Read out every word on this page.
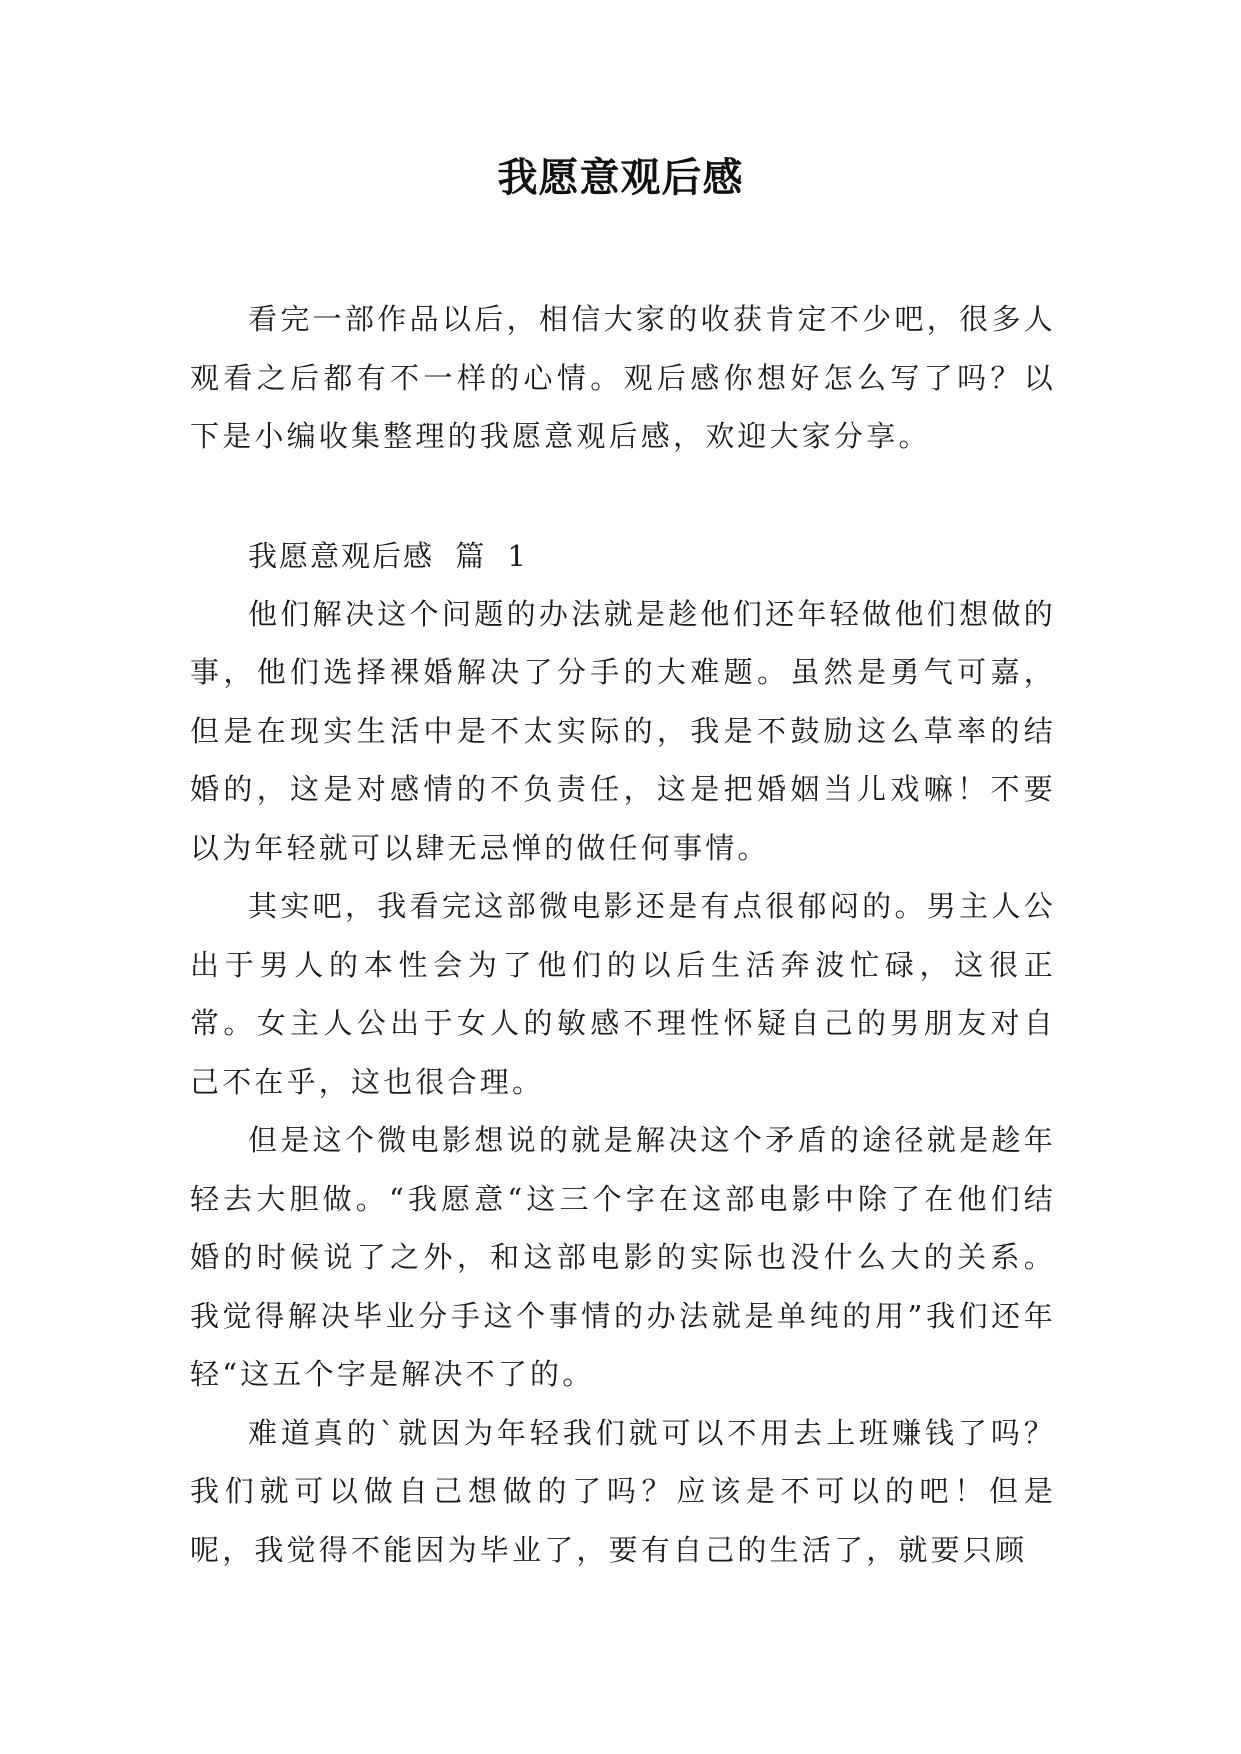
我愿意观后感

看完一部作品以后，相信大家的收获肯定不少吧，很多人观看之后都有不一样的心情。观后感你想好怎么写了吗？以下是小编收集整理的我愿意观后感，欢迎大家分享。

我愿意观后感 篇 1

他们解决这个问题的办法就是趁他们还年轻做他们想做的事，他们选择裸婚解决了分手的大难题。虽然是勇气可嘉，但是在现实生活中是不太实际的，我是不鼓励这么草率的结婚的，这是对感情的不负责任，这是把婚姻当儿戏嘛！不要以为年轻就可以肆无忌惮的做任何事情。

其实吧，我看完这部微电影还是有点很郁闷的。男主人公出于男人的本性会为了他们的以后生活奔波忙碌，这很正常。女主人公出于女人的敏感不理性怀疑自己的男朋友对自己不在乎，这也很合理。

但是这个微电影想说的就是解决这个矛盾的途径就是趁年轻去大胆做。“我愿意“这三个字在这部电影中除了在他们结婚的时候说了之外，和这部电影的实际也没什么大的关系。我觉得解决毕业分手这个事情的办法就是单纯的用”我们还年轻“这五个字是解决不了的。

难道真的`就因为年轻我们就可以不用去上班赚钱了吗？我们就可以做自己想做的了吗？应该是不可以的吧！但是呢，我觉得不能因为毕业了，要有自己的生活了，就要只顾
